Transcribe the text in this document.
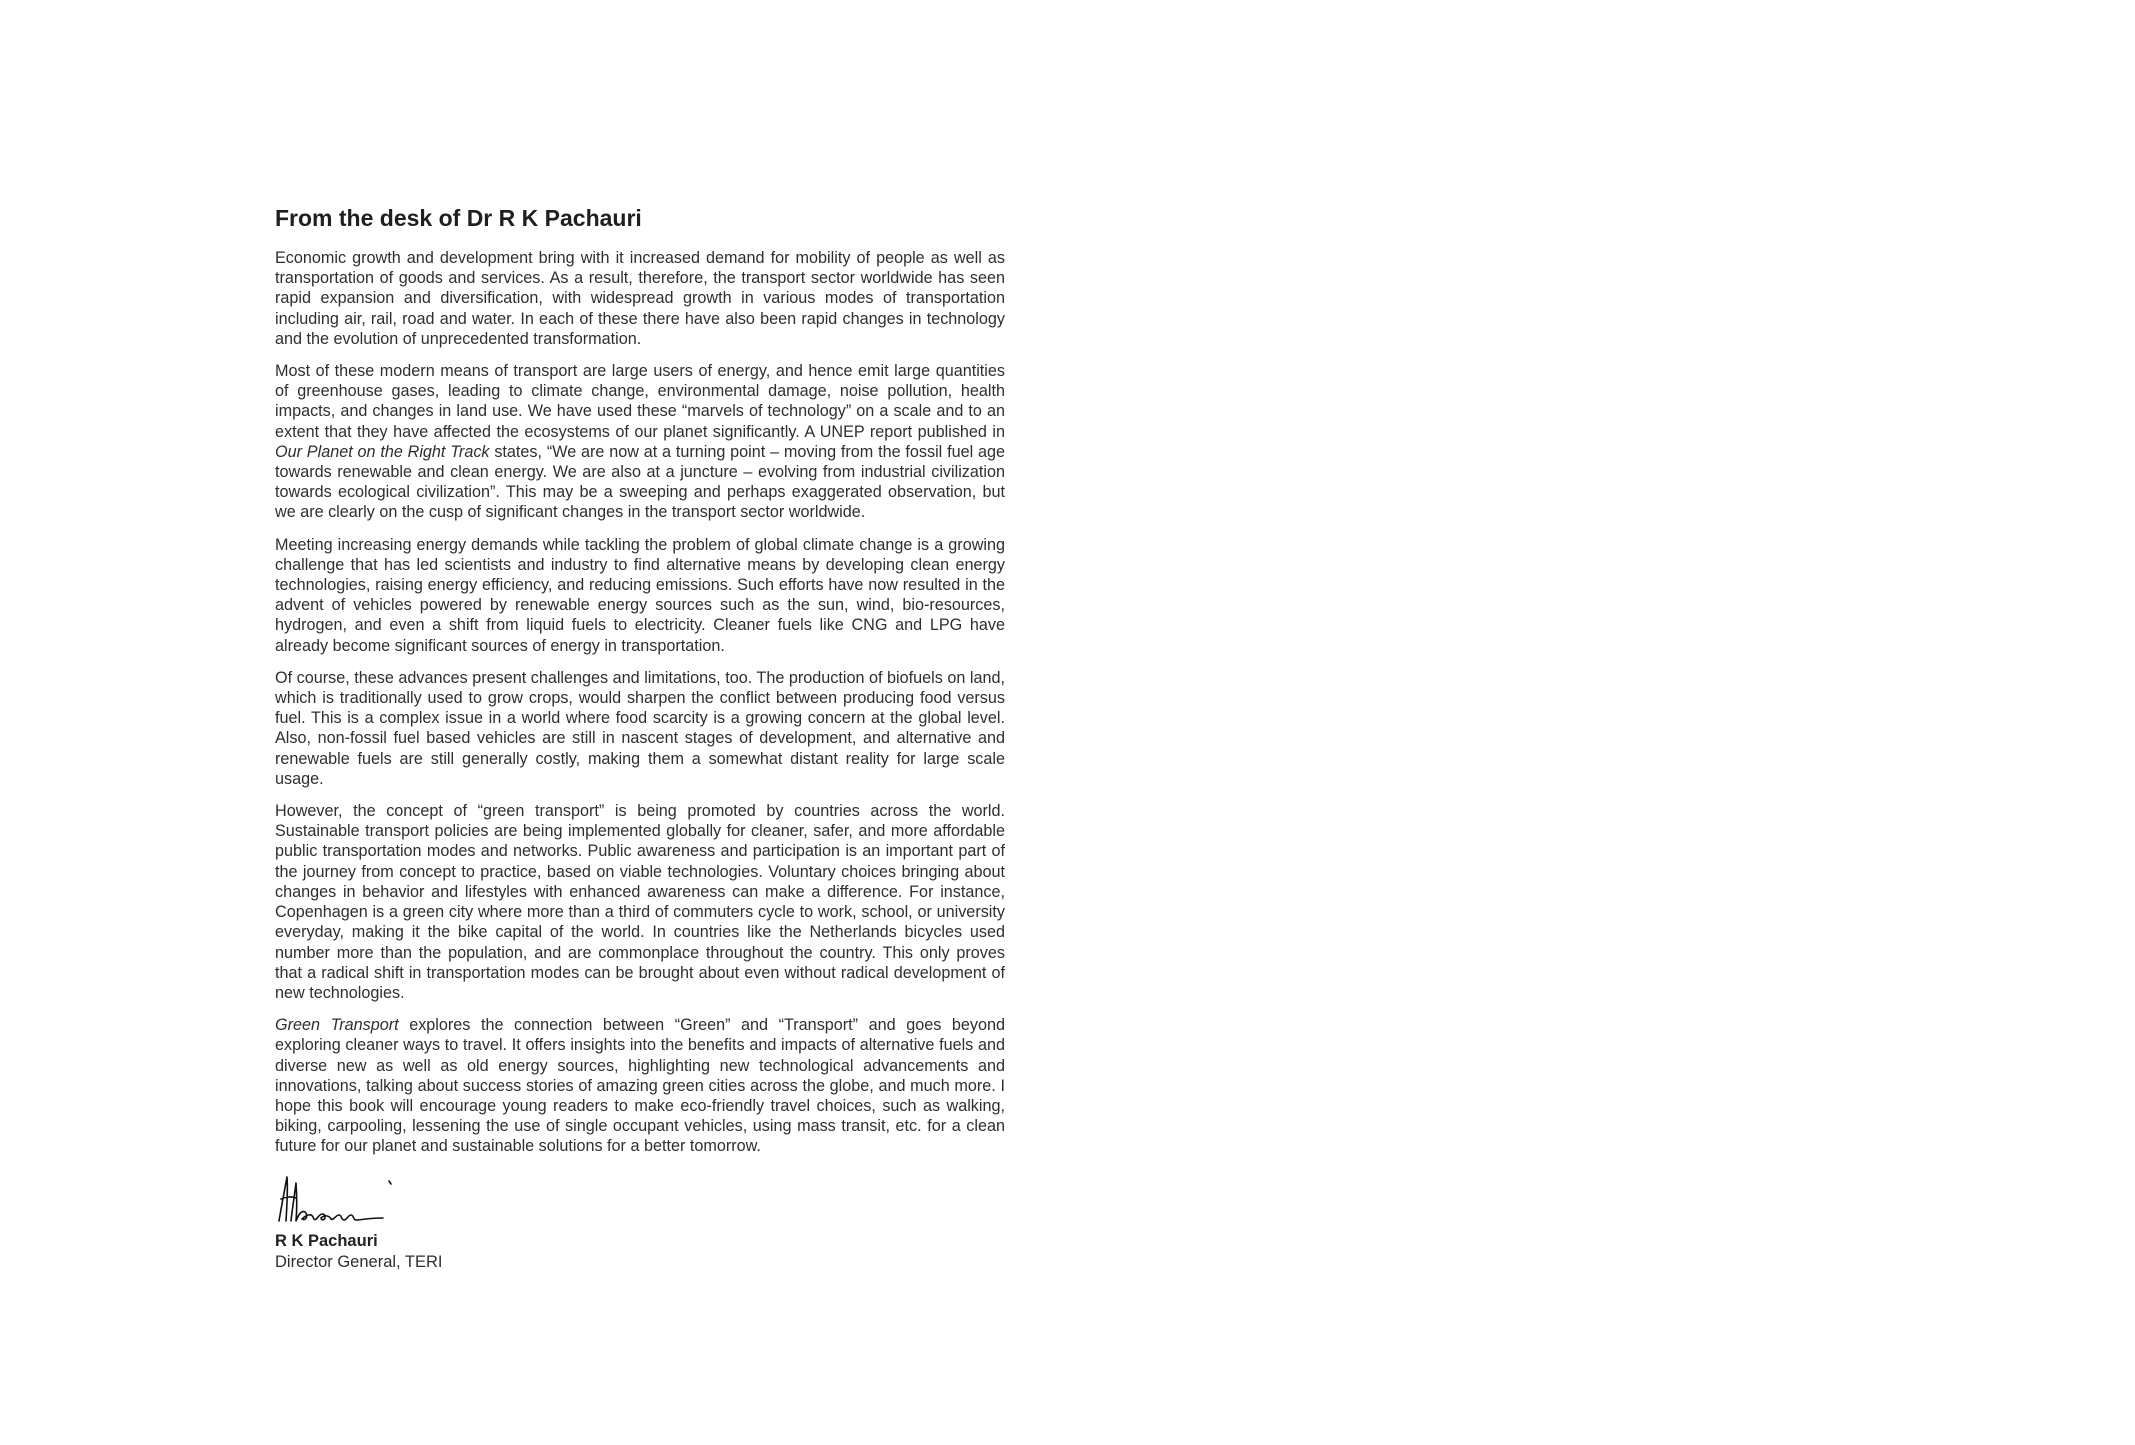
From the desk of Dr R K Pachauri

Economic growth and development bring with it increased demand for mobility of people as well as transportation of goods and services. As a result, therefore, the transport sector worldwide has seen rapid expansion and diversification, with widespread growth in various modes of transportation including air, rail, road and water. In each of these there have also been rapid changes in technology and the evolution of unprecedented transformation.

Most of these modern means of transport are large users of energy, and hence emit large quantities of greenhouse gases, leading to climate change, environmental damage, noise pollution, health impacts, and changes in land use. We have used these “marvels of technology” on a scale and to an extent that they have affected the ecosystems of our planet significantly. A UNEP report published in Our Planet on the Right Track states, “We are now at a turning point – moving from the fossil fuel age towards renewable and clean energy. We are also at a juncture – evolving from industrial civilization towards ecological civilization”. This may be a sweeping and perhaps exaggerated observation, but we are clearly on the cusp of significant changes in the transport sector worldwide.

Meeting increasing energy demands while tackling the problem of global climate change is a growing challenge that has led scientists and industry to find alternative means by developing clean energy technologies, raising energy efficiency, and reducing emissions. Such efforts have now resulted in the advent of vehicles powered by renewable energy sources such as the sun, wind, bio-resources, hydrogen, and even a shift from liquid fuels to electricity. Cleaner fuels like CNG and LPG have already become significant sources of energy in transportation.

Of course, these advances present challenges and limitations, too. The production of biofuels on land, which is traditionally used to grow crops, would sharpen the conflict between producing food versus fuel. This is a complex issue in a world where food scarcity is a growing concern at the global level. Also, non-fossil fuel based vehicles are still in nascent stages of development, and alternative and renewable fuels are still generally costly, making them a somewhat distant reality for large scale usage.

However, the concept of “green transport” is being promoted by countries across the world. Sustainable transport policies are being implemented globally for cleaner, safer, and more affordable public transportation modes and networks. Public awareness and participation is an important part of the journey from concept to practice, based on viable technologies. Voluntary choices bringing about changes in behavior and lifestyles with enhanced awareness can make a difference. For instance, Copenhagen is a green city where more than a third of commuters cycle to work, school, or university everyday, making it the bike capital of the world. In countries like the Netherlands bicycles used number more than the population, and are commonplace throughout the country. This only proves that a radical shift in transportation modes can be brought about even without radical development of new technologies.

Green Transport explores the connection between “Green” and “Transport” and goes beyond exploring cleaner ways to travel. It offers insights into the benefits and impacts of alternative fuels and diverse new as well as old energy sources, highlighting new technological advancements and innovations, talking about success stories of amazing green cities across the globe, and much more. I hope this book will encourage young readers to make eco-friendly travel choices, such as walking, biking, carpooling, lessening the use of single occupant vehicles, using mass transit, etc. for a clean future for our planet and sustainable solutions for a better tomorrow.

R K Pachauri

Director General, TERI
